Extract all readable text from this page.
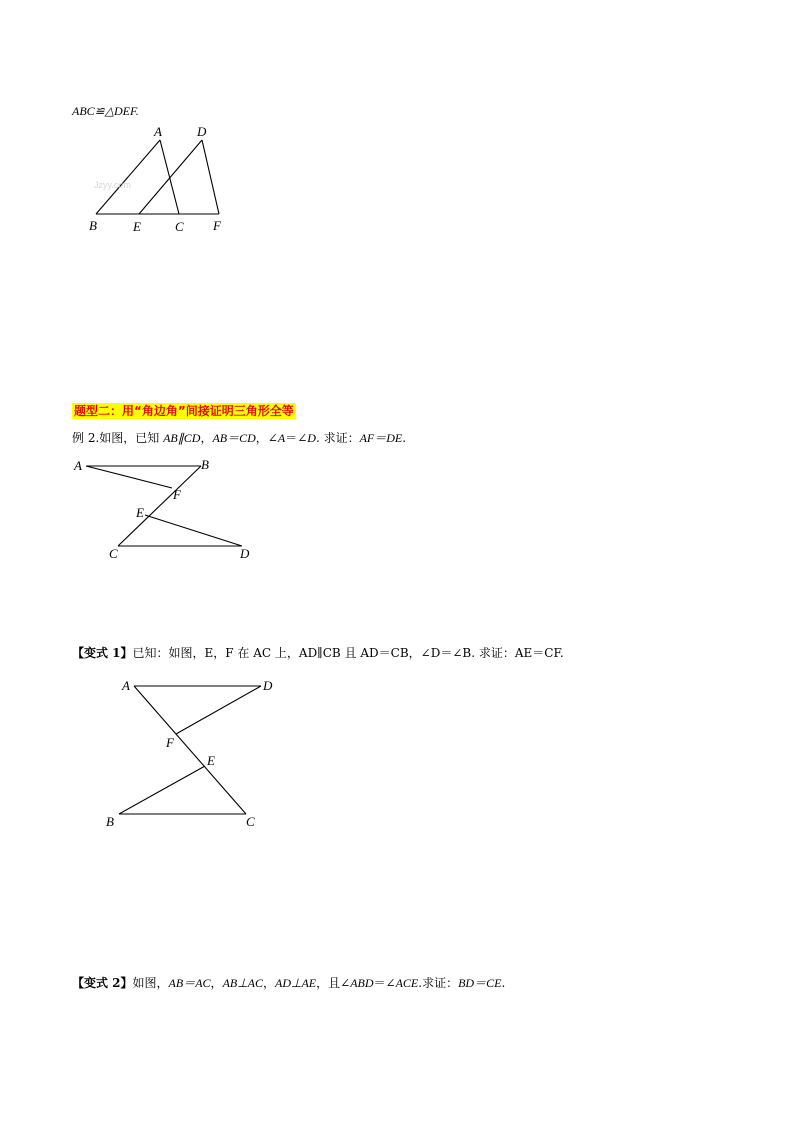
ABC≌△DEF.
Jzyy.com
A	D
B	E	C F
题型二：用“角边角”间接证明三角形全等
例 2.如图，已知 AB∥CD，AB＝CD，∠A＝∠D. 求证：AF＝DE.
A	B
F
E
C	D
【变式 1】已知：如图，E，F 在 AC 上，AD∥CB 且 AD＝CB，∠D＝∠B. 求证：AE＝CF.
A	D
F
E
B	C
【变式 2】如图，AB＝AC，AB⊥AC，AD⊥AE，且∠ABD＝∠ACE.求证：BD＝CE.
